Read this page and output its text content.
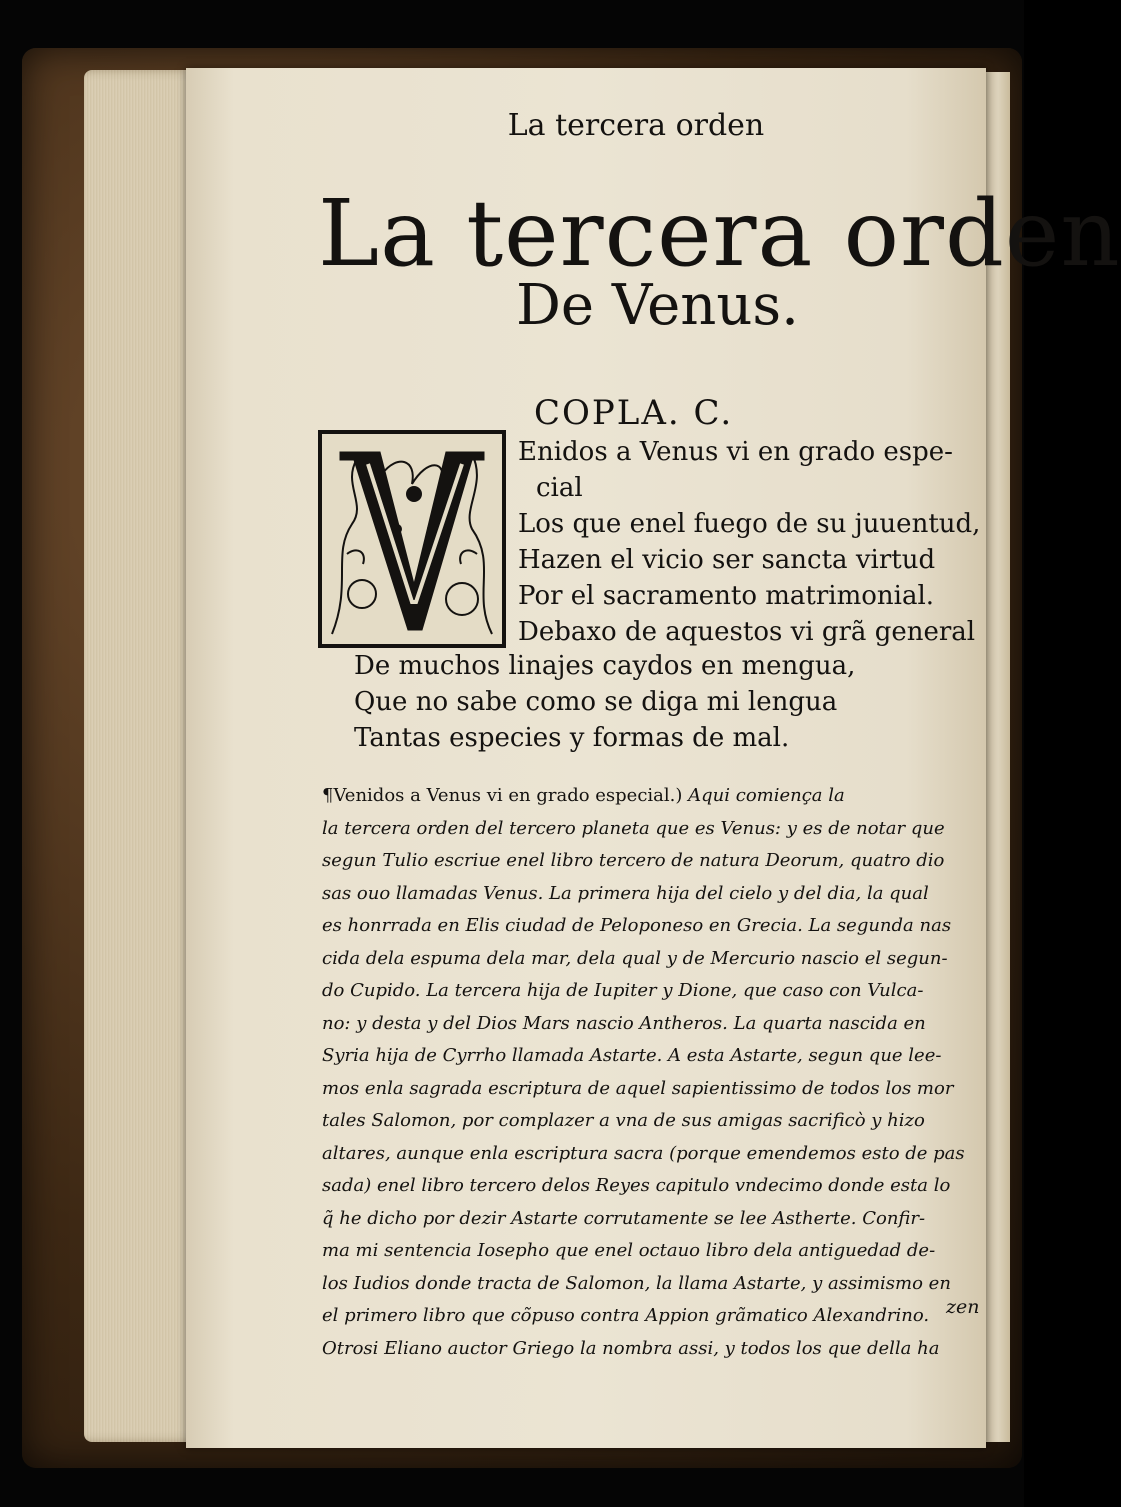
La tercera orden
La tercera orden
De Venus.
COPLA. C.
Enidos a Venus vi en grado espe-
cial
Los que enel fuego de su juuentud,
Hazen el vicio ser sancta virtud
Por el sacramento matrimonial.
Debaxo de aquestos vi grã general
De muchos linajes caydos en mengua,
Que no sabe como se diga mi lengua
Tantas especies y formas de mal.
¶Venidos a Venus vi en grado especial.) Aqui comiença la
la tercera orden del tercero planeta que es Venus: y es de notar que
segun Tulio escriue enel libro tercero de natura Deorum, quatro dio
sas ouo llamadas Venus. La primera hija del cielo y del dia, la qual
es honrrada en Elis ciudad de Peloponeso en Grecia. La segunda nas
cida dela espuma dela mar, dela qual y de Mercurio nascio el segun-
do Cupido. La tercera hija de Iupiter y Dione, que caso con Vulca-
no: y desta y del Dios Mars nascio Antheros. La quarta nascida en
Syria hija de Cyrrho llamada Astarte. A esta Astarte, segun que lee-
mos enla sagrada escriptura de aquel sapientissimo de todos los mor
tales Salomon, por complazer a vna de sus amigas sacrificò y hizo
altares, aunque enla escriptura sacra (porque emendemos esto de pas
sada) enel libro tercero delos Reyes capitulo vndecimo donde esta lo
q̃ he dicho por dezir Astarte corrutamente se lee Astherte. Confir-
ma mi sentencia Iosepho que enel octauo libro dela antiguedad de-
los Iudios donde tracta de Salomon, la llama Astarte, y assimismo en
el primero libro que cõpuso contra Appion grãmatico Alexandrino.
Otrosi Eliano auctor Griego la nombra assi, y todos los que della ha
zen
